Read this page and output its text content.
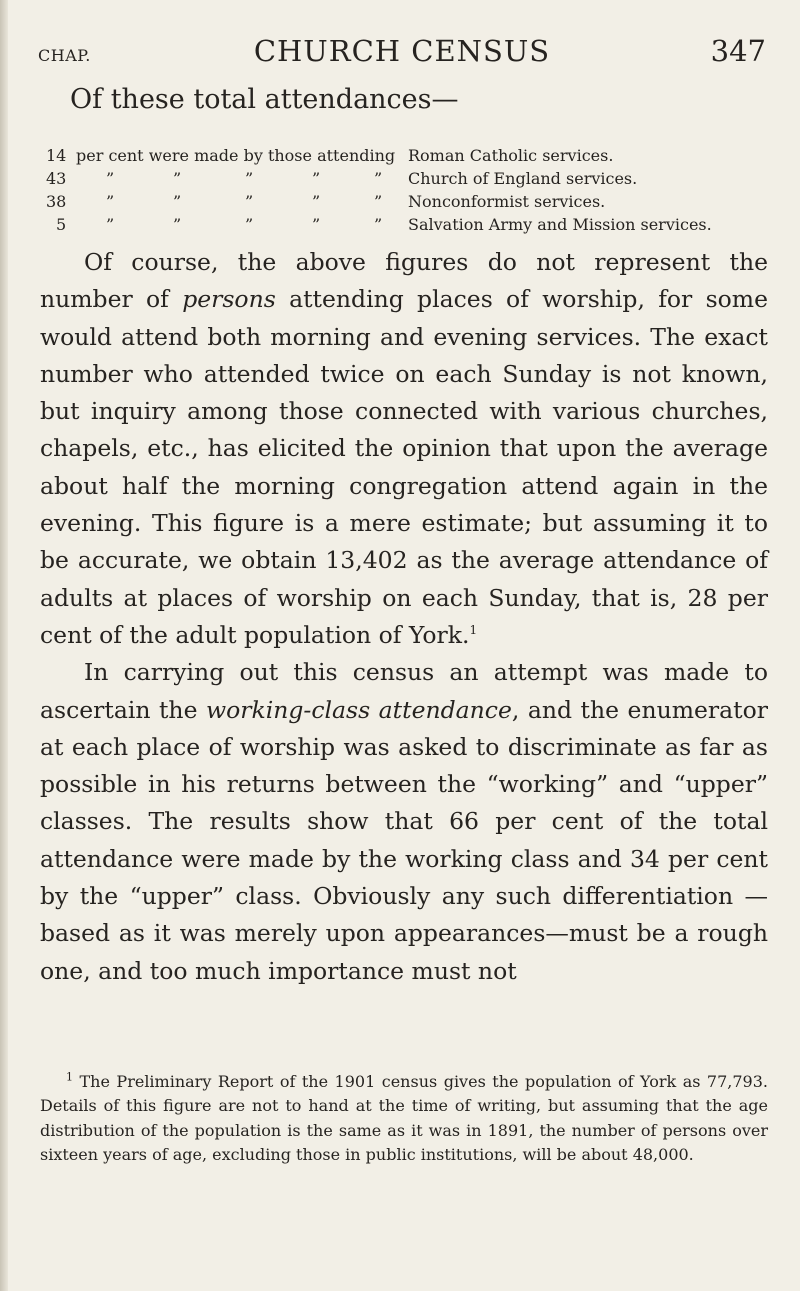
CHAP.	CHURCH CENSUS	347
Of these total attendances—
14 per cent were made by those attending Roman Catholic services.
43	”	”	”	”	” Church of England services.
38	”	”	”	”	” Nonconformist services.
5	”	”	”	”	” Salvation Army and Mission services.

Of course, the above figures do not represent the number of persons attending places of worship, for some would attend both morning and evening services. The exact number who attended twice on each Sunday is not known, but inquiry among those connected with various churches, chapels, etc., has elicited the opinion that upon the average about half the morning congregation attend again in the evening. This figure is a mere estimate; but assuming it to be accurate, we obtain 13,402 as the average attendance of adults at places of worship on each Sunday, that is, 28 per cent of the adult population of York.$^1$

In carrying out this census an attempt was made to ascertain the working-class attendance, and the enumerator at each place of worship was asked to discriminate as far as possible in his returns between the “working” and “upper” classes. The results show that 66 per cent of the total attendance were made by the working class and 34 per cent by the “upper” class. Obviously any such differentiation —based as it was merely upon appearances—must be a rough one, and too much importance must not

$^1$ The Preliminary Report of the 1901 census gives the population of York as 77,793. Details of this figure are not to hand at the time of writing, but assuming that the age distribution of the population is the same as it was in 1891, the number of persons over sixteen years of age, excluding those in public institutions, will be about 48,000.
